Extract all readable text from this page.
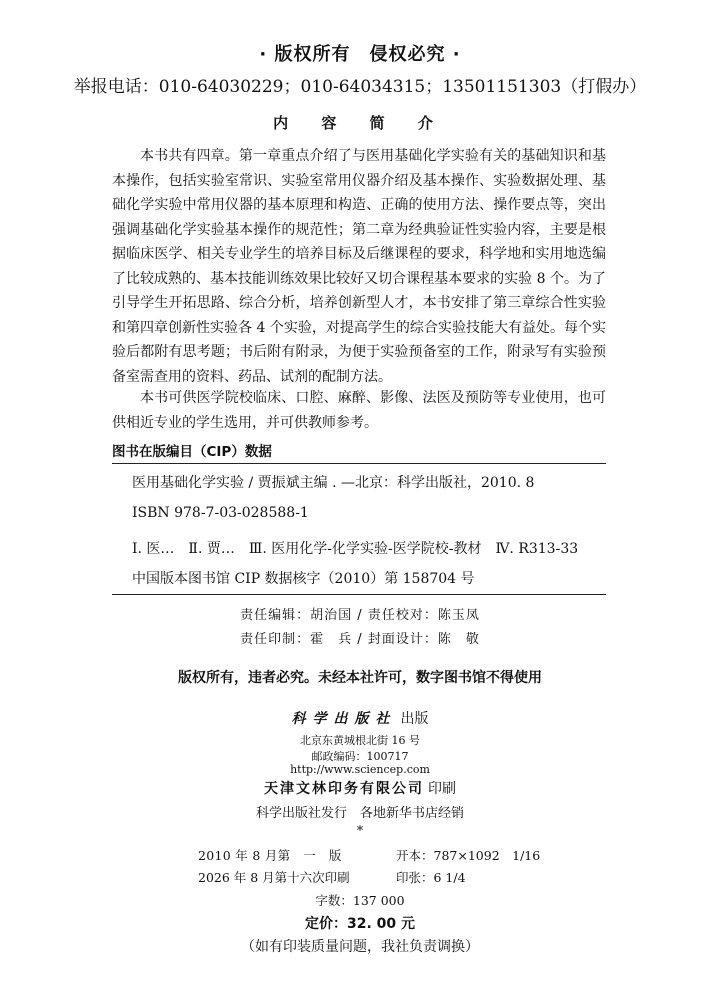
· 版权所有　侵权必究 ·
举报电话：010-64030229；010-64034315；13501151303（打假办）
内 容 简 介

本书共有四章。第一章重点介绍了与医用基础化学实验有关的基础知识和基本操作，包括实验室常识、实验室常用仪器介绍及基本操作、实验数据处理、基础化学实验中常用仪器的基本原理和构造、正确的使用方法、操作要点等，突出强调基础化学实验基本操作的规范性；第二章为经典验证性实验内容，主要是根据临床医学、相关专业学生的培养目标及后继课程的要求，科学地和实用地选编了比较成熟的、基本技能训练效果比较好又切合课程基本要求的实验 8 个。为了引导学生开拓思路、综合分析，培养创新型人才，本书安排了第三章综合性实验和第四章创新性实验各 4 个实验，对提高学生的综合实验技能大有益处。每个实验后都附有思考题；书后附有附录，为便于实验预备室的工作，附录写有实验预备室需查用的资料、药品、试剂的配制方法。

本书可供医学院校临床、口腔、麻醉、影像、法医及预防等专业使用，也可供相近专业的学生选用，并可供教师参考。

图书在版编目（CIP）数据
医用基础化学实验 / 贾振斌主编 . —北京：科学出版社，2010. 8
ISBN 978-7-03-028588-1
Ⅰ. 医…　Ⅱ. 贾…　Ⅲ. 医用化学-化学实验-医学院校-教材　Ⅳ. R313-33
中国版本图书馆 CIP 数据核字（2010）第 158704 号
责任编辑：胡治国 / 责任校对：陈玉凤
责任印制：霍　兵 / 封面设计：陈　敬
版权所有，违者必究。未经本社许可，数字图书馆不得使用
科学出版社 出版
北京东黄城根北街 16 号
邮政编码：100717
http://www.sciencep.com
天津文林印务有限公司 印刷
科学出版社发行　各地新华书店经销
*
2010 年 8 月第　一　版	开本：787×1092　1/16
2026 年 8 月第十六次印刷	印张：6 1/4
字数：137 000
定价：32. 00 元
（如有印装质量问题，我社负责调换）
